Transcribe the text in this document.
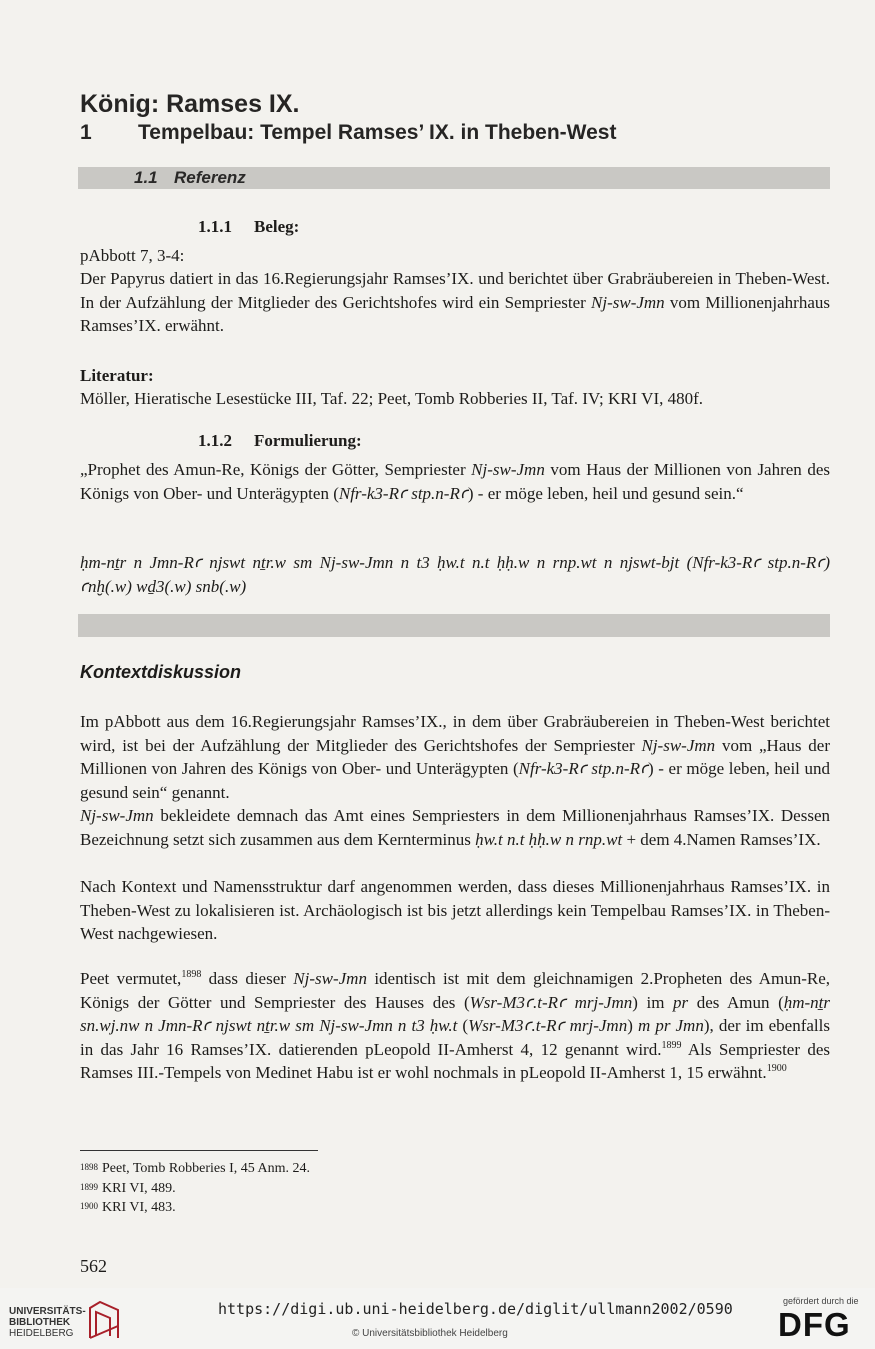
König: Ramses IX.
1 Tempelbau: Tempel Ramses’ IX. in Theben-West
1.1 Referenz
1.1.1 Beleg:
pAbbott 7, 3-4:
Der Papyrus datiert in das 16.Regierungsjahr Ramses’IX. und berichtet über Grabräubereien in Theben-West. In der Aufzählung der Mitglieder des Gerichtshofes wird ein Sempriester Nj-sw-Jmn vom Millionenjahrhaus Ramses’IX. erwähnt.
Literatur:
Möller, Hieratische Lesestücke III, Taf. 22; Peet, Tomb Robberies II, Taf. IV; KRI VI, 480f.
1.1.2 Formulierung:
„Prophet des Amun-Re, Königs der Götter, Sempriester Nj-sw-Jmn vom Haus der Millionen von Jahren des Königs von Ober- und Unterägypten (Nfr-k3-Rꜥ stp.n-Rꜥ) - er möge leben, heil und gesund sein.“
ḥm-nṯr n Jmn-Rꜥ njswt nṯr.w sm Nj-sw-Jmn n t3 ḥw.t n.t ḥḥ.w n rnp.wt n njswt-bjt (Nfr-k3-Rꜥ stp.n-Rꜥ) ꜥnḫ(.w) wḏ3(.w) snb(.w)
Kontextdiskussion
Im pAbbott aus dem 16.Regierungsjahr Ramses’IX., in dem über Grabräubereien in Theben-West berichtet wird, ist bei der Aufzählung der Mitglieder des Gerichtshofes der Sempriester Nj-sw-Jmn vom „Haus der Millionen von Jahren des Königs von Ober- und Unterägypten (Nfr-k3-Rꜥ stp.n-Rꜥ) - er möge leben, heil und gesund sein“ genannt.
Nj-sw-Jmn bekleidete demnach das Amt eines Sempriesters in dem Millionenjahrhaus Ramses’IX. Dessen Bezeichnung setzt sich zusammen aus dem Kernterminus ḥw.t n.t ḥḥ.w n rnp.wt + dem 4.Namen Ramses’IX.
Nach Kontext und Namensstruktur darf angenommen werden, dass dieses Millionenjahrhaus Ramses’IX. in Theben-West zu lokalisieren ist. Archäologisch ist bis jetzt allerdings kein Tempelbau Ramses’IX. in Theben-West nachgewiesen.
Peet vermutet,$^{1898}$ dass dieser Nj-sw-Jmn identisch ist mit dem gleichnamigen 2.Propheten des Amun-Re, Königs der Götter und Sempriester des Hauses des (Wsr-M3ꜥ.t-Rꜥ mrj-Jmn) im pr des Amun (ḥm-nṯr sn.wj.nw n Jmn-Rꜥ njswt nṯr.w sm Nj-sw-Jmn n t3 ḥw.t (Wsr-M3ꜥ.t-Rꜥ mrj-Jmn) m pr Jmn), der im ebenfalls in das Jahr 16 Ramses’IX. datierenden pLeopold II-Amherst 4, 12 genannt wird.$^{1899}$ Als Sempriester des Ramses III.-Tempels von Medinet Habu ist er wohl nochmals in pLeopold II-Amherst 1, 15 erwähnt.$^{1900}$
$^{1898}$ Peet, Tomb Robberies I, 45 Anm. 24.
$^{1899}$ KRI VI, 489.
$^{1900}$ KRI VI, 483.
562
UNIVERSITÄTS-
BIBLIOTHEK
HEIDELBERG
https://digi.ub.uni-heidelberg.de/diglit/ullmann2002/0590
© Universitätsbibliothek Heidelberg
gefördert durch die
DFG
